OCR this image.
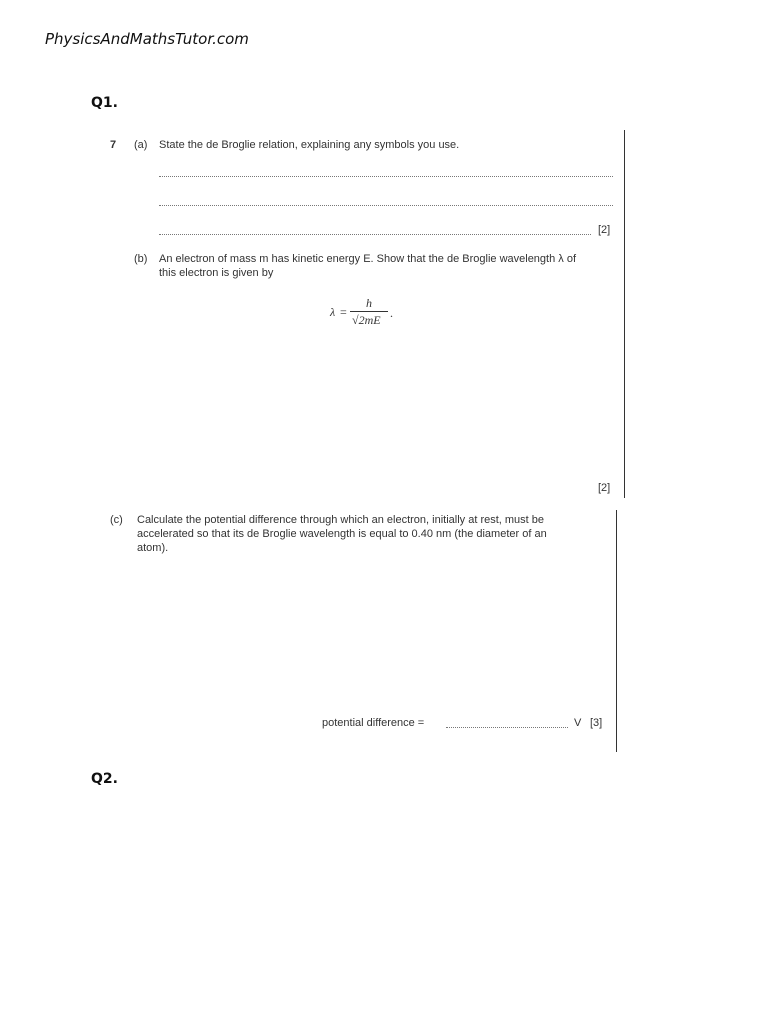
PhysicsAndMathsTutor.com
Q1.
7 (a) State the de Broglie relation, explaining any symbols you use.
[2]
(b) An electron of mass m has kinetic energy E. Show that the de Broglie wavelength λ of
this electron is given by
λ =
h
√2mE .
[2]
(c) Calculate the potential difference through which an electron, initially at rest, must be
accelerated so that its de Broglie wavelength is equal to 0.40 nm (the diameter of an
atom).
potential difference =	V [3]
Q2.
